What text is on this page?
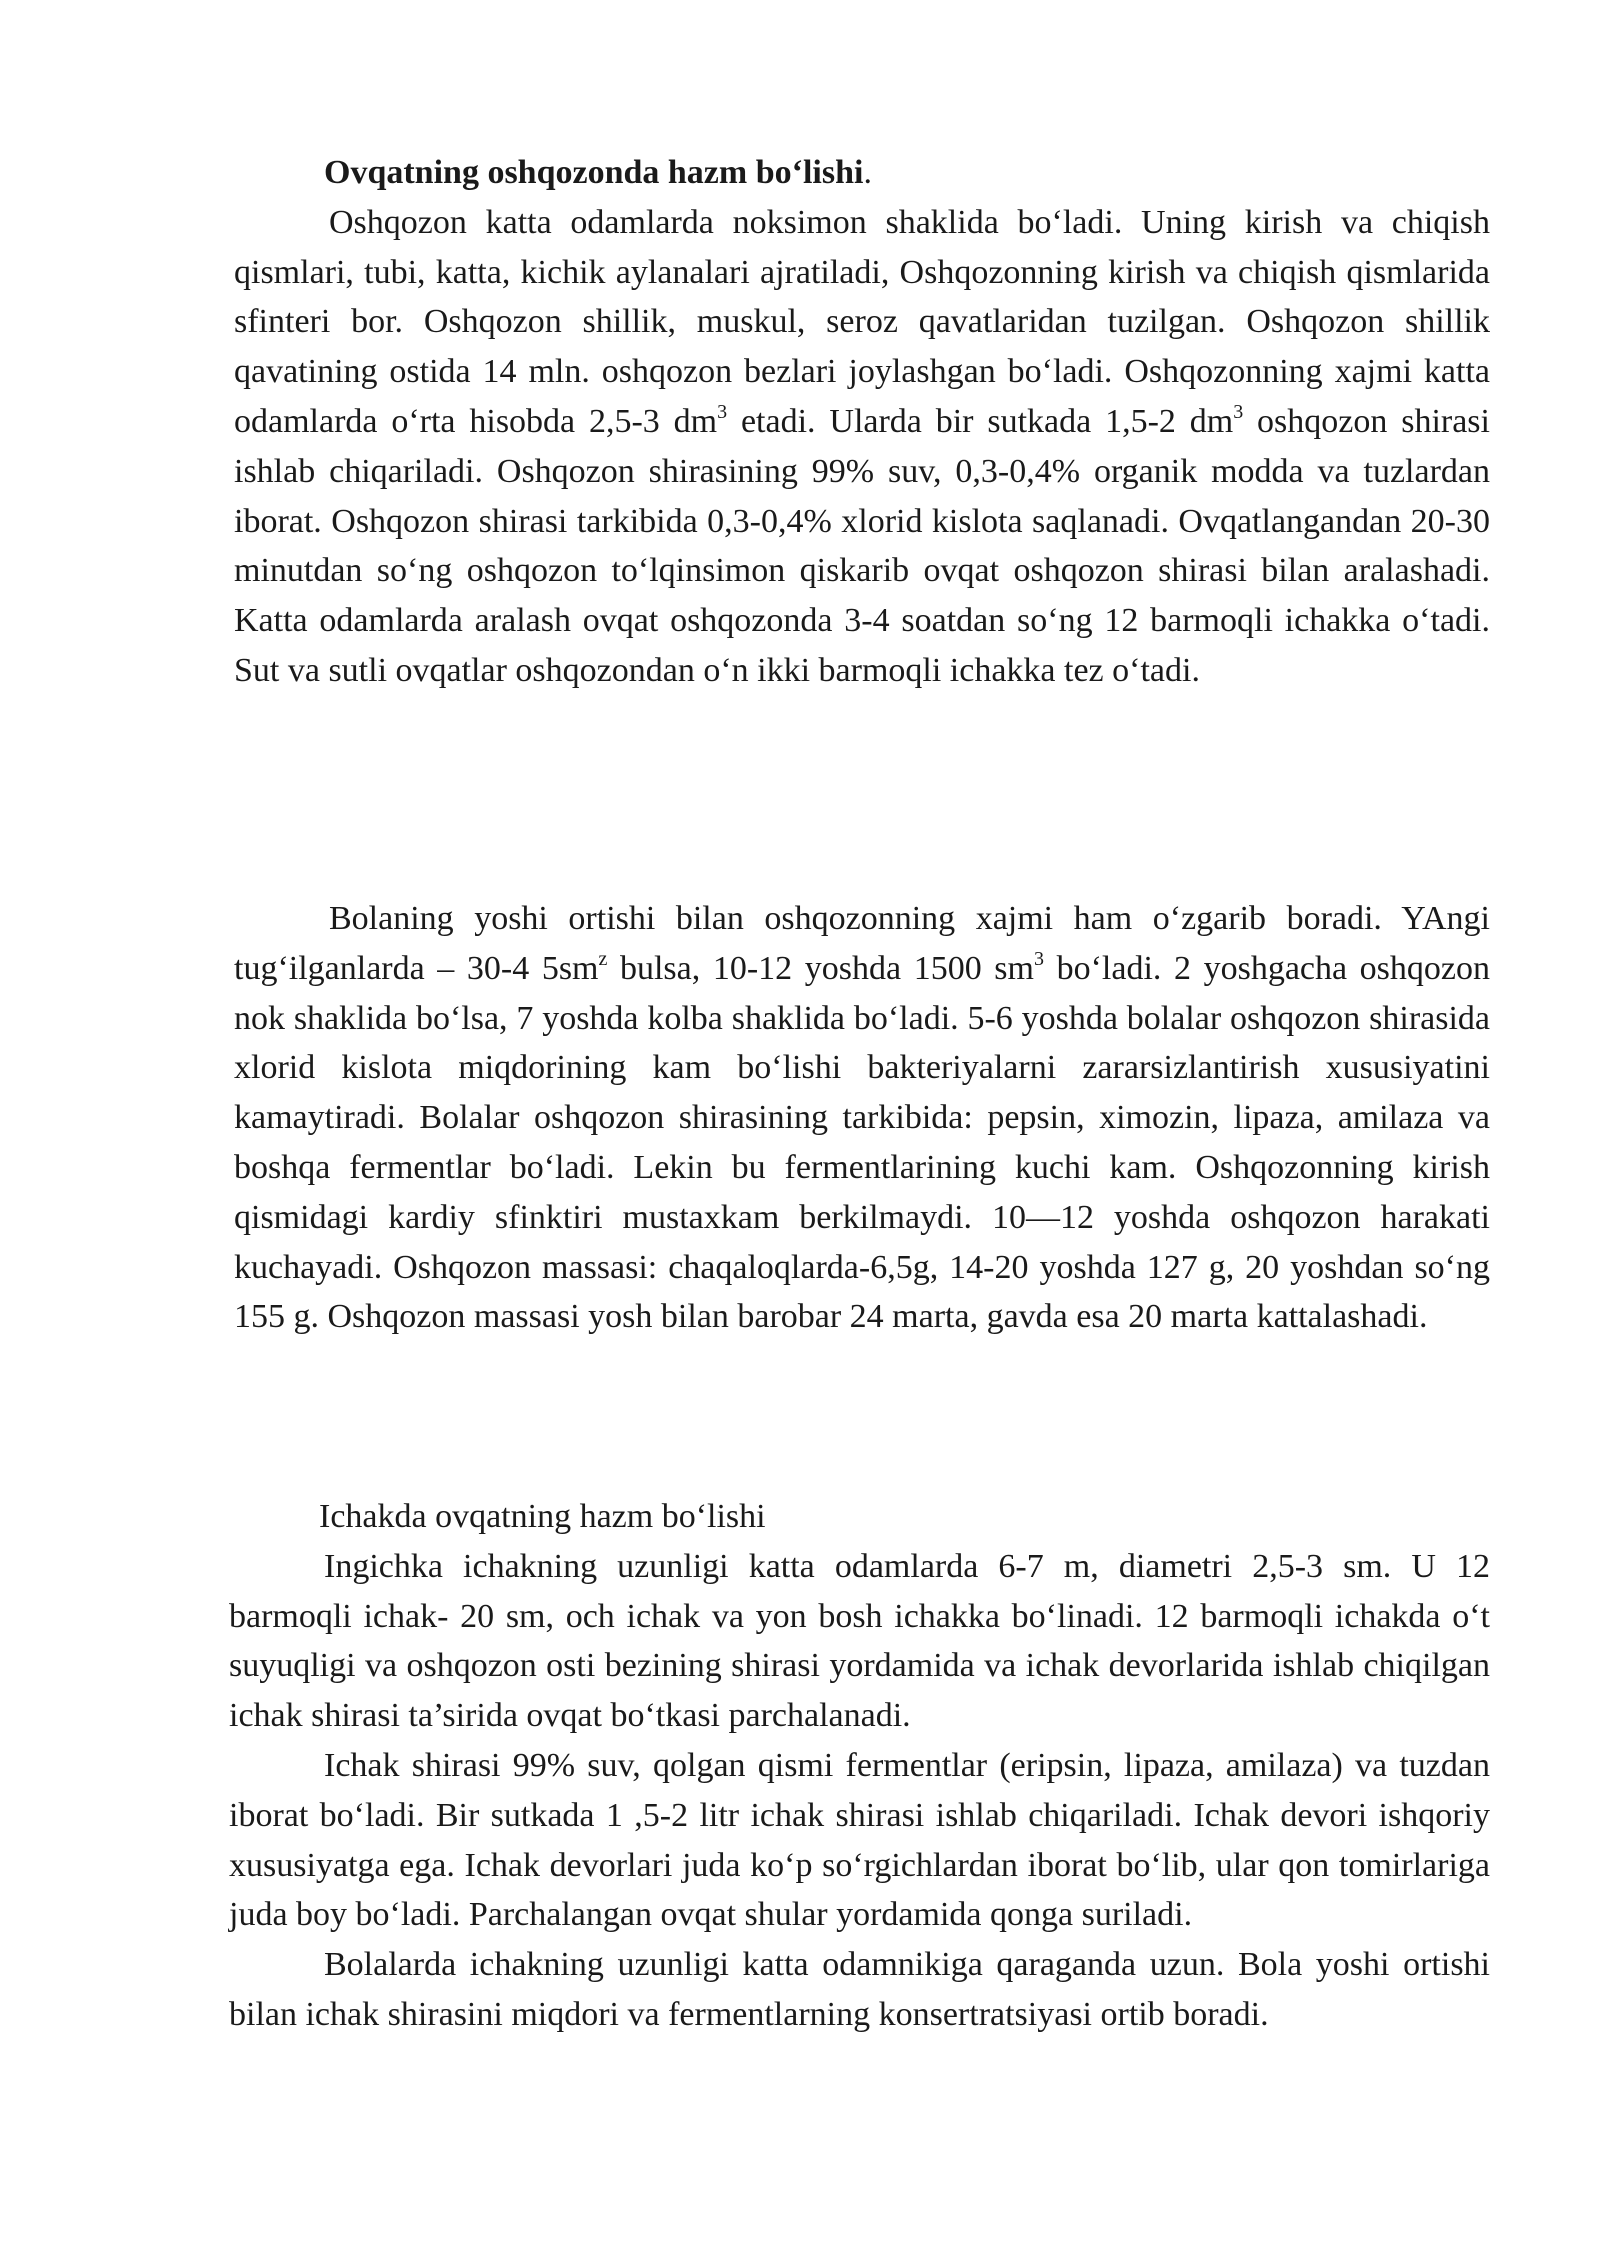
Ovqatning oshqozonda hazm bo‘lishi.

Oshqozon katta odamlarda noksimon shaklida bo‘ladi. Uning kirish va chiqish qismlari, tubi, katta, kichik aylanalari ajratiladi, Oshqozonning kirish va chiqish qismlarida sfinteri bor. Oshqozon shillik, muskul, seroz qavatlaridan tuzilgan. Oshqozon shillik qavatining ostida 14 mln. oshqozon bezlari joylashgan bo‘ladi. Oshqozonning xajmi katta odamlarda o‘rta hisobda 2,5-3 $dm^3$ etadi. Ularda bir sutkada 1,5-2 $dm^3$ oshqozon shirasi ishlab chiqariladi. Oshqozon shirasining 99% suv, 0,3-0,4% organik modda va tuzlardan iborat. Oshqozon shirasi tarkibida 0,3-0,4% xlorid kislota saqlanadi. Ovqatlangandan 20-30 minutdan so‘ng oshqozon to‘lqinsimon qiskarib ovqat oshqozon shirasi bilan aralashadi. Katta odamlarda aralash ovqat oshqozonda 3-4 soatdan so‘ng 12 barmoqli ichakka o‘tadi. Sut va sutli ovqatlar oshqozondan o‘n ikki barmoqli ichakka tez o‘tadi.

Bolaning yoshi ortishi bilan oshqozonning xajmi ham o‘zgarib boradi. YAngi tug‘ilganlarda – 30-4 $5sm^z$ bulsa, 10-12 yoshda 1500 $sm^3$ bo‘ladi. 2 yoshgacha oshqozon nok shaklida bo‘lsa, 7 yoshda kolba shaklida bo‘ladi. 5-6 yoshda bolalar oshqozon shirasida xlorid kislota miqdorining kam bo‘lishi bakteriyalarni zararsizlantirish xususiyatini kamaytiradi. Bolalar oshqozon shirasining tarkibida: pepsin, ximozin, lipaza, amilaza va boshqa fermentlar bo‘ladi. Lekin bu fermentlarining kuchi kam. Oshqozonning kirish qismidagi kardiy sfinktiri mustaxkam berkilmaydi. 10—12 yoshda oshqozon harakati kuchayadi. Oshqozon massasi: chaqaloqlarda-6,5g, 14-20 yoshda 127 g, 20 yoshdan so‘ng 155 g. Oshqozon massasi yosh bilan barobar 24 marta, gavda esa 20 marta kattalashadi.

Ichakda ovqatning hazm bo‘lishi

Ingichka ichakning uzunligi katta odamlarda 6-7 m, diametri 2,5-3 sm. U 12 barmoqli ichak- 20 sm, och ichak va yon bosh ichakka bo‘linadi. 12 barmoqli ichakda o‘t suyuqligi va oshqozon osti bezining shirasi yordamida va ichak devorlarida ishlab chiqilgan ichak shirasi ta’sirida ovqat bo‘tkasi parchalanadi.

Ichak shirasi 99% suv, qolgan qismi fermentlar (eripsin, lipaza, amilaza) va tuzdan iborat bo‘ladi. Bir sutkada 1 ,5-2 litr ichak shirasi ishlab chiqariladi. Ichak devori ishqoriy xususiyatga ega. Ichak devorlari juda ko‘p so‘rgichlardan iborat bo‘lib, ular qon tomirlariga juda boy bo‘ladi. Parchalangan ovqat shular yordamida qonga suriladi.

Bolalarda ichakning uzunligi katta odamnikiga qaraganda uzun. Bola yoshi ortishi bilan ichak shirasini miqdori va fermentlarning konsertratsiyasi ortib boradi.
